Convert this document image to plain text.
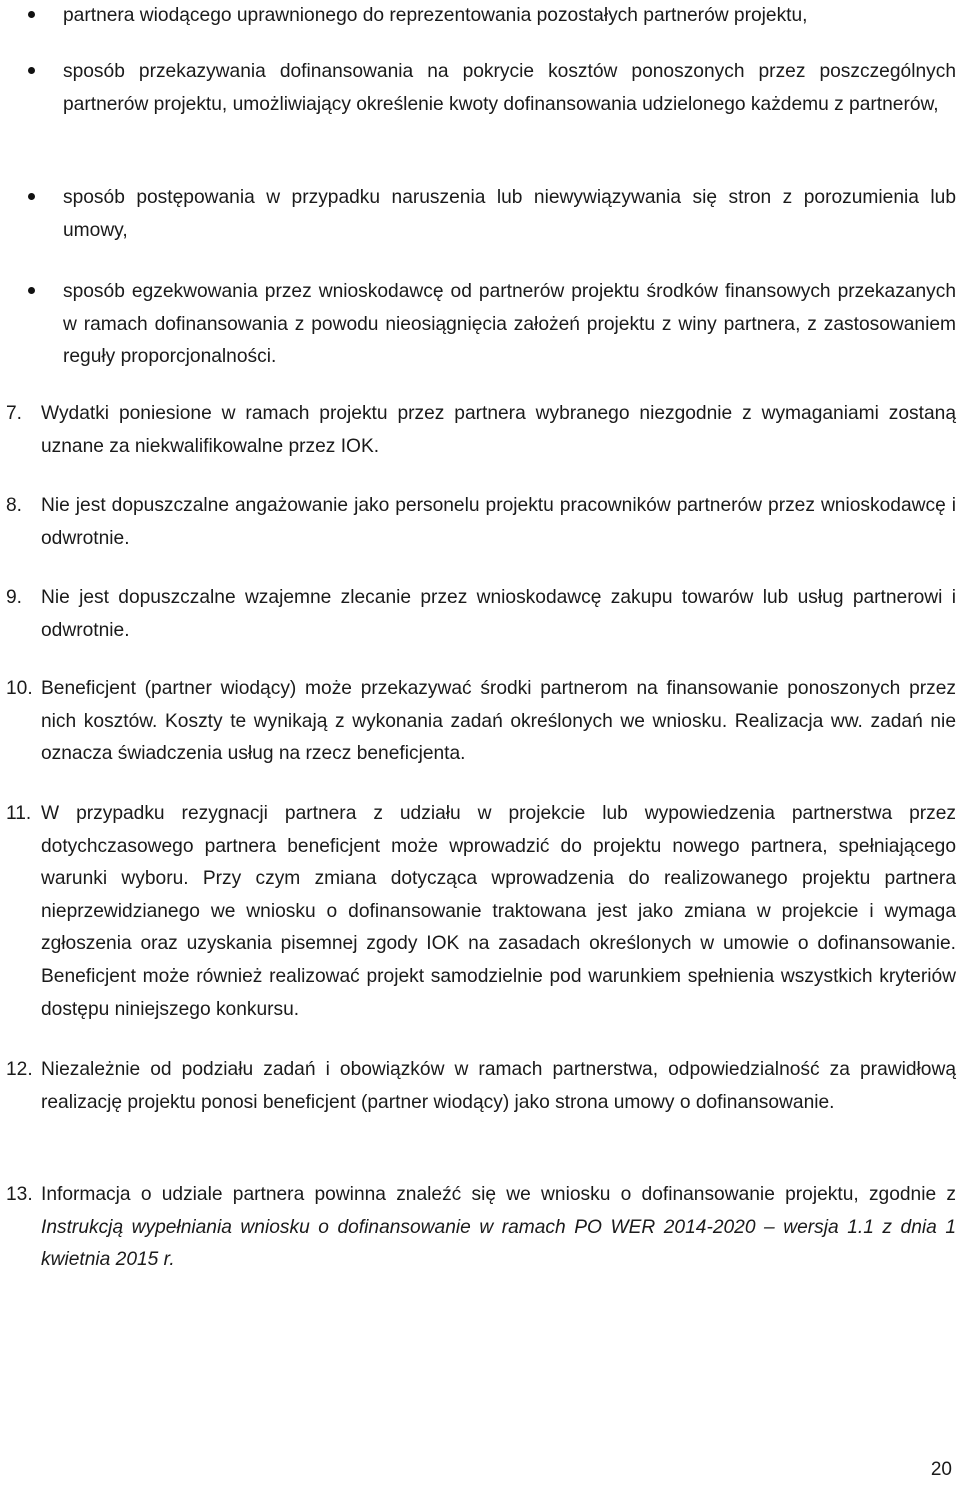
partnera wiodącego uprawnionego do reprezentowania pozostałych partnerów projektu,
sposób przekazywania dofinansowania na pokrycie kosztów ponoszonych przez poszczególnych partnerów projektu, umożliwiający określenie kwoty dofinansowania udzielonego każdemu z partnerów,
sposób postępowania w przypadku naruszenia lub niewywiązywania się stron z porozumienia lub umowy,
sposób egzekwowania przez wnioskodawcę od partnerów projektu środków finansowych przekazanych w ramach dofinansowania z powodu nieosiągnięcia założeń projektu z winy partnera, z zastosowaniem reguły proporcjonalności.
7. Wydatki poniesione w ramach projektu przez partnera wybranego niezgodnie z wymaganiami zostaną uznane za niekwalifikowalne przez IOK.
8. Nie jest dopuszczalne angażowanie jako personelu projektu pracowników partnerów przez wnioskodawcę i odwrotnie.
9. Nie jest dopuszczalne wzajemne zlecanie przez wnioskodawcę zakupu towarów lub usług partnerowi i odwrotnie.
10. Beneficjent (partner wiodący) może przekazywać środki partnerom na finansowanie ponoszonych przez nich kosztów. Koszty te wynikają z wykonania zadań określonych we wniosku. Realizacja ww. zadań nie oznacza świadczenia usług na rzecz beneficjenta.
11. W przypadku rezygnacji partnera z udziału w projekcie lub wypowiedzenia partnerstwa przez dotychczasowego partnera beneficjent może wprowadzić do projektu nowego partnera, spełniającego warunki wyboru. Przy czym zmiana dotycząca wprowadzenia do realizowanego projektu partnera nieprzewidzianego we wniosku o dofinansowanie traktowana jest jako zmiana w projekcie i wymaga zgłoszenia oraz uzyskania pisemnej zgody IOK na zasadach określonych w umowie o dofinansowanie. Beneficjent może również realizować projekt samodzielnie pod warunkiem spełnienia wszystkich kryteriów dostępu niniejszego konkursu.
12. Niezależnie od podziału zadań i obowiązków w ramach partnerstwa, odpowiedzialność za prawidłową realizację projektu ponosi beneficjent (partner wiodący) jako strona umowy o dofinansowanie.
13. Informacja o udziale partnera powinna znaleźć się we wniosku o dofinansowanie projektu, zgodnie z Instrukcją wypełniania wniosku o dofinansowanie w ramach PO WER 2014-2020 – wersja 1.1 z dnia 1 kwietnia 2015 r.
20
